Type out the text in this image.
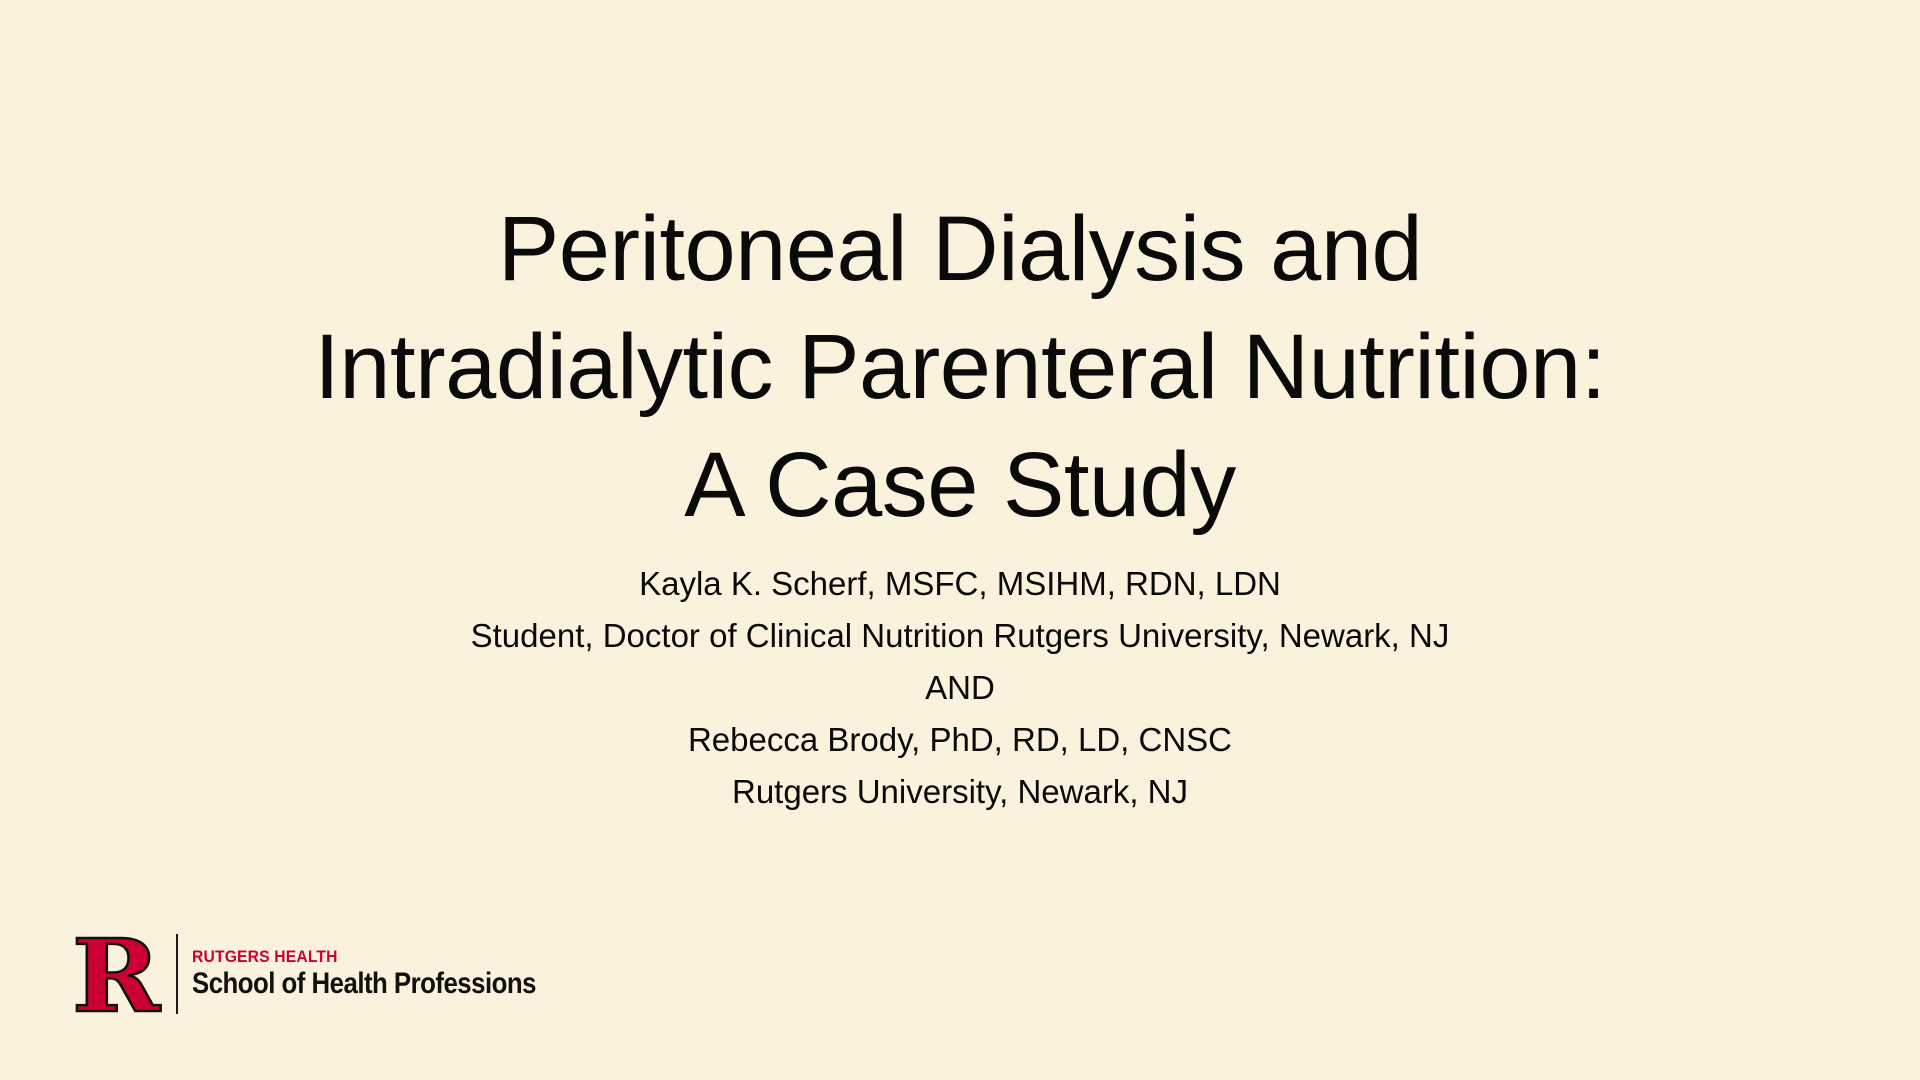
Peritoneal Dialysis and
Intradialytic Parenteral Nutrition:
A Case Study
Kayla K. Scherf, MSFC, MSIHM, RDN, LDN
Student, Doctor of Clinical Nutrition Rutgers University, Newark, NJ
AND
Rebecca Brody, PhD, RD, LD, CNSC
Rutgers University, Newark, NJ
R RUTGERS HEALTH
School of Health Professions
